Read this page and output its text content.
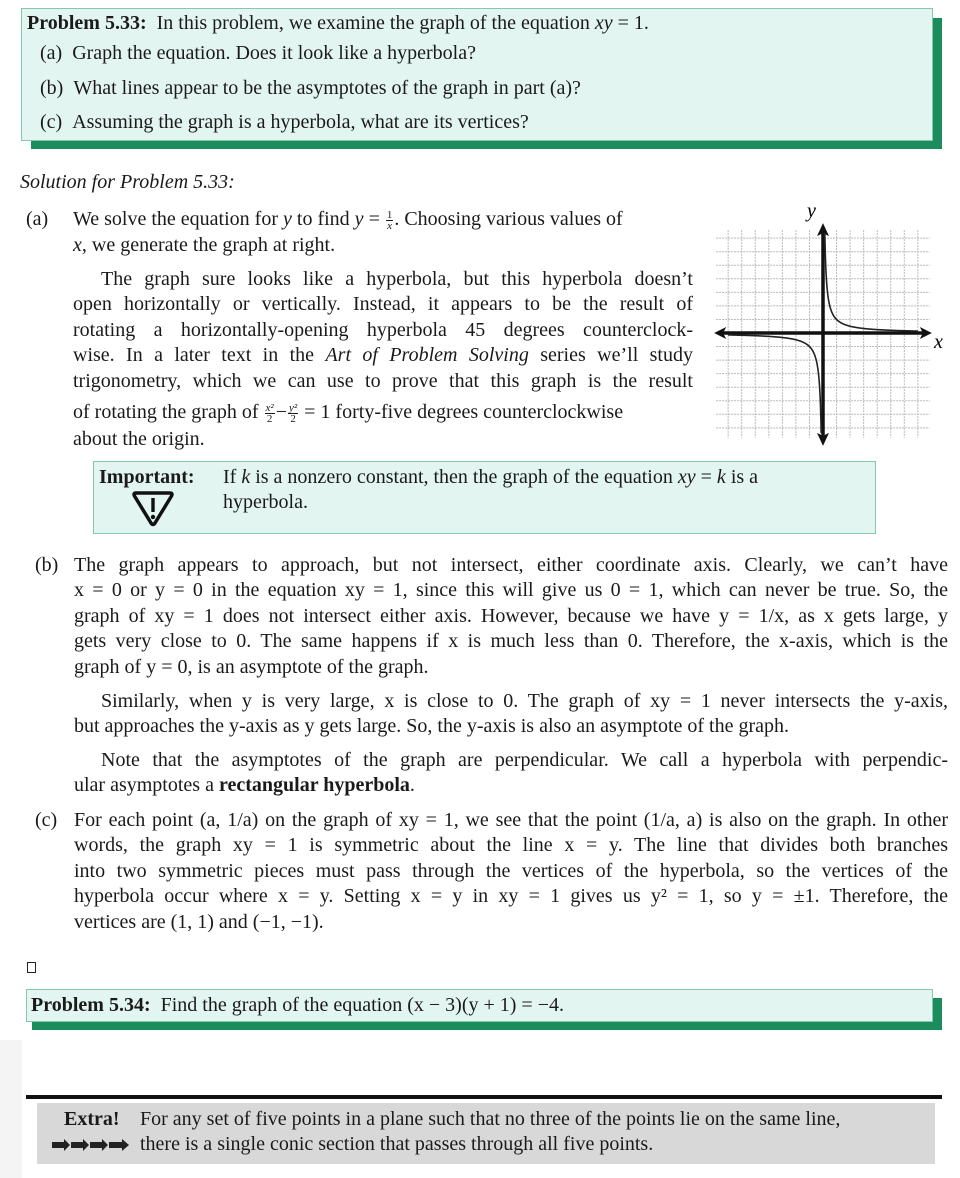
Problem 5.33: In this problem, we examine the graph of the equation xy = 1.
(a) Graph the equation. Does it look like a hyperbola?
(b) What lines appear to be the asymptotes of the graph in part (a)?
(c) Assuming the graph is a hyperbola, what are its vertices?
Solution for Problem 5.33:
(a) We solve the equation for y to find $y = \frac{1}{x}$ . Choosing various values of
x, we generate the graph at right.
The graph sure looks like a hyperbola, but this hyperbola doesn’t
open horizontally or vertically. Instead, it appears to be the result of
rotating a horizontally-opening hyperbola 45 degrees counterclock-
wise. In a later text in the Art of Problem Solving series we’ll study
trigonometry, which we can use to prove that this graph is the result
of rotating the graph of $\frac{\text{x²}}{2} - \frac{\text{y²}}{2} = 1$ forty-five degrees counterclockwise
about the origin.
x
y
Important: If k is a nonzero constant, then the graph of the equation xy = k is a
hyperbola.
(b) The graph appears to approach, but not intersect, either coordinate axis. Clearly, we can’t have
x = 0 or y = 0 in the equation xy = 1, since this will give us 0 = 1, which can never be true. So, the
graph of xy = 1 does not intersect either axis. However, because we have y = 1/x, as x gets large, y
gets very close to 0. The same happens if x is much less than 0. Therefore, the x-axis, which is the
graph of y = 0, is an asymptote of the graph.
Similarly, when y is very large, x is close to 0. The graph of xy = 1 never intersects the y-axis,
but approaches the y-axis as y gets large. So, the y-axis is also an asymptote of the graph.
Note that the asymptotes of the graph are perpendicular. We call a hyperbola with perpendic-
ular asymptotes a rectangular hyperbola.
(c) For each point (a, 1/a) on the graph of xy = 1, we see that the point (1/a, a) is also on the graph. In other
words, the graph xy = 1 is symmetric about the line x = y. The line that divides both branches
into two symmetric pieces must pass through the vertices of the hyperbola, so the vertices of the
hyperbola occur where x = y. Setting x = y in xy = 1 gives us y² = 1, so y = ±1. Therefore, the
vertices are (1, 1) and (−1, −1).
Problem 5.34: Find the graph of the equation (x − 3)(y + 1) = −4.
Extra! For any set of five points in a plane such that no three of the points lie on the same line,
there is a single conic section that passes through all five points.
